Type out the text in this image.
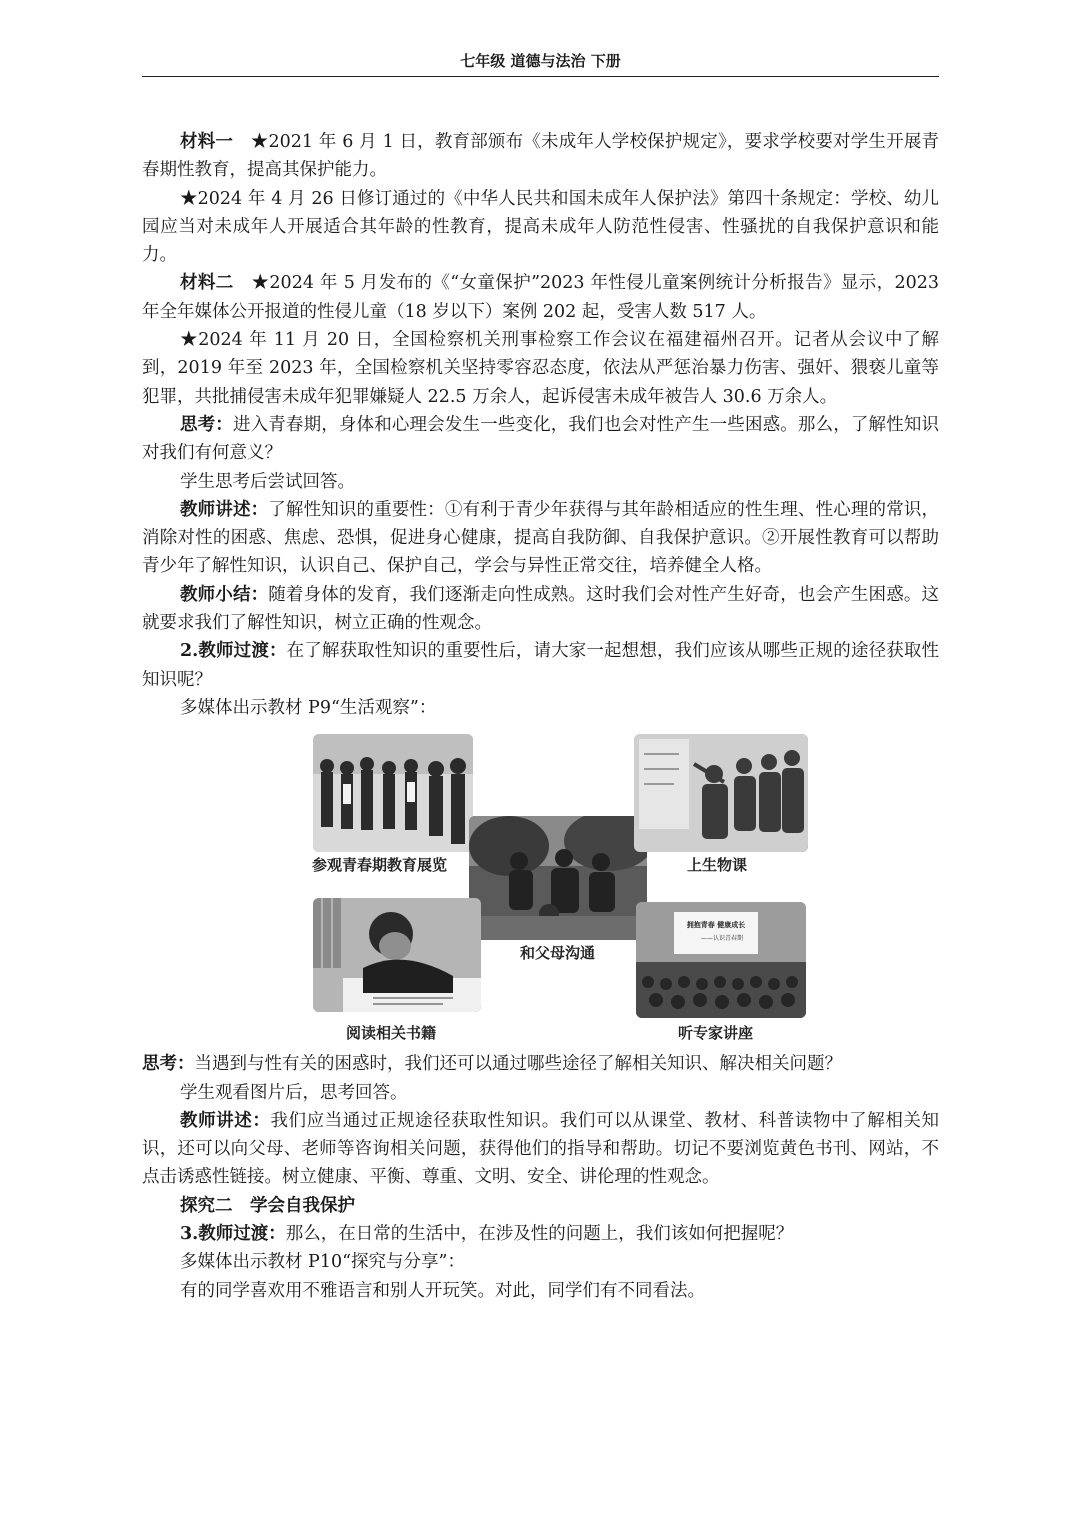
七年级 道德与法治 下册

材料一　 ★2021 年 6 月 1 日，教育部颁布《未成年人学校保护规定》，要求学校要对学生开展青春期性教育，提高其保护能力。

★2024 年 4 月 26 日修订通过的《中华人民共和国未成年人保护法》第四十条规定：学校、幼儿园应当对未成年人开展适合其年龄的性教育，提高未成年人防范性侵害、性骚扰的自我保护意识和能力。

材料二　 ★2024 年 5 月发布的《“女童保护”2023 年性侵儿童案例统计分析报告》显示，2023 年全年媒体公开报道的性侵儿童（18 岁以下）案例 202 起，受害人数 517 人。

★2024 年 11 月 20 日，全国检察机关刑事检察工作会议在福建福州召开。记者从会议中了解到，2019 年至 2023 年，全国检察机关坚持零容忍态度，依法从严惩治暴力伤害、强奸、猥亵儿童等犯罪，共批捕侵害未成年犯罪嫌疑人 22.5 万余人，起诉侵害未成年被告人 30.6 万余人。

思考：进入青春期，身体和心理会发生一些变化，我们也会对性产生一些困惑。那么，了解性知识对我们有何意义？

学生思考后尝试回答。

教师讲述：了解性知识的重要性：①有利于青少年获得与其年龄相适应的性生理、性心理的常识，消除对性的困惑、焦虑、恐惧，促进身心健康，提高自我防御、自我保护意识。②开展性教育可以帮助青少年了解性知识，认识自己、保护自己，学会与异性正常交往，培养健全人格。

教师小结：随着身体的发育，我们逐渐走向性成熟。这时我们会对性产生好奇，也会产生困惑。这就要求我们了解性知识，树立正确的性观念。

2.教师过渡：在了解获取性知识的重要性后，请大家一起想想，我们应该从哪些正规的途径获取性知识呢？

多媒体出示教材 P9“生活观察”：

参观青春期教育展览
和父母沟通
上生物课
阅读相关书籍
拥抱青春 健康成长
——认识青春期
听专家讲座

思考：当遇到与性有关的困惑时，我们还可以通过哪些途径了解相关知识、解决相关问题？

学生观看图片后，思考回答。

教师讲述：我们应当通过正规途径获取性知识。我们可以从课堂、教材、科普读物中了解相关知识，还可以向父母、老师等咨询相关问题，获得他们的指导和帮助。切记不要浏览黄色书刊、网站，不点击诱惑性链接。树立健康、平衡、尊重、文明、安全、讲伦理的性观念。

探究二　学会自我保护

3.教师过渡：那么，在日常的生活中，在涉及性的问题上，我们该如何把握呢？

多媒体出示教材 P10“探究与分享”：

有的同学喜欢用不雅语言和别人开玩笑。对此，同学们有不同看法。
